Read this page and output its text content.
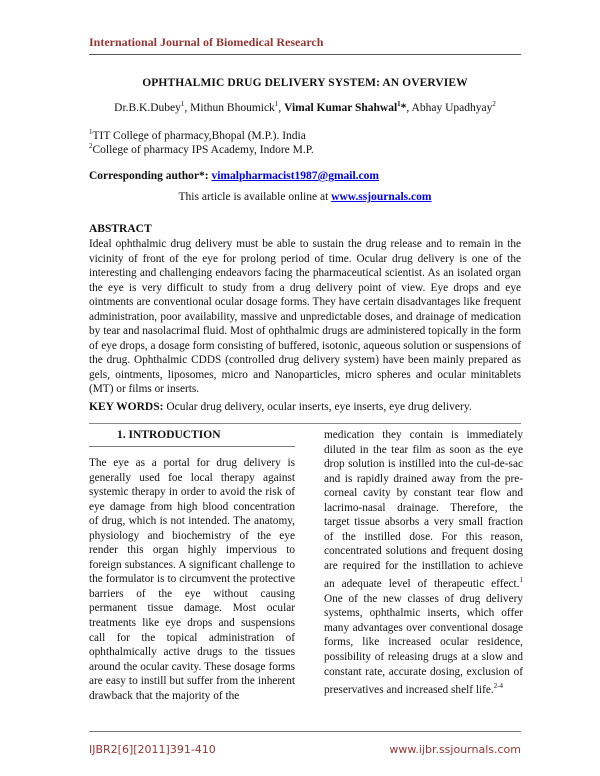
International Journal of Biomedical Research
OPHTHALMIC DRUG DELIVERY SYSTEM: AN OVERVIEW
Dr.B.K.Dubey$^1$, Mithun Bhoumick$^1$, Vimal Kumar Shahwal$^1$*, Abhay Upadhyay$^2$
$^1$TIT College of pharmacy,Bhopal (M.P.). India
$^2$College of pharmacy IPS Academy, Indore M.P.
Corresponding author*: vimalpharmacist1987@gmail.com
This article is available online at www.ssjournals.com
ABSTRACT
Ideal ophthalmic drug delivery must be able to sustain the drug release and to remain in the vicinity of front of the eye for prolong period of time. Ocular drug delivery is one of the interesting and challenging endeavors facing the pharmaceutical scientist. As an isolated organ the eye is very difficult to study from a drug delivery point of view. Eye drops and eye ointments are conventional ocular dosage forms. They have certain disadvantages like frequent administration, poor availability, massive and unpredictable doses, and drainage of medication by tear and nasolacrimal fluid. Most of ophthalmic drugs are administered topically in the form of eye drops, a dosage form consisting of buffered, isotonic, aqueous solution or suspensions of the drug. Ophthalmic CDDS (controlled drug delivery system) have been mainly prepared as gels, ointments, liposomes, micro and Nanoparticles, micro spheres and ocular minitablets (MT) or films or inserts.
KEY WORDS: Ocular drug delivery, ocular inserts, eye inserts, eye drug delivery.
1. INTRODUCTION
The eye as a portal for drug delivery is generally used foe local therapy against systemic therapy in order to avoid the risk of eye damage from high blood concentration of drug, which is not intended. The anatomy, physiology and biochemistry of the eye render this organ highly impervious to foreign substances. A significant challenge to the formulator is to circumvent the protective barriers of the eye without causing permanent tissue damage. Most ocular treatments like eye drops and suspensions call for the topical administration of ophthalmically active drugs to the tissues around the ocular cavity. These dosage forms are easy to instill but suffer from the inherent drawback that the majority of the
medication they contain is immediately diluted in the tear film as soon as the eye drop solution is instilled into the cul-de-sac and is rapidly drained away from the pre-corneal cavity by constant tear flow and lacrimo-nasal drainage. Therefore, the target tissue absorbs a very small fraction of the instilled dose. For this reason, concentrated solutions and frequent dosing are required for the instillation to achieve an adequate level of therapeutic effect.$^1$ One of the new classes of drug delivery systems, ophthalmic inserts, which offer many advantages over conventional dosage forms, like increased ocular residence, possibility of releasing drugs at a slow and constant rate, accurate dosing, exclusion of preservatives and increased shelf life.$^{2-4}$
IJBR2[6][2011]391-410	www.ijbr.ssjournals.com
